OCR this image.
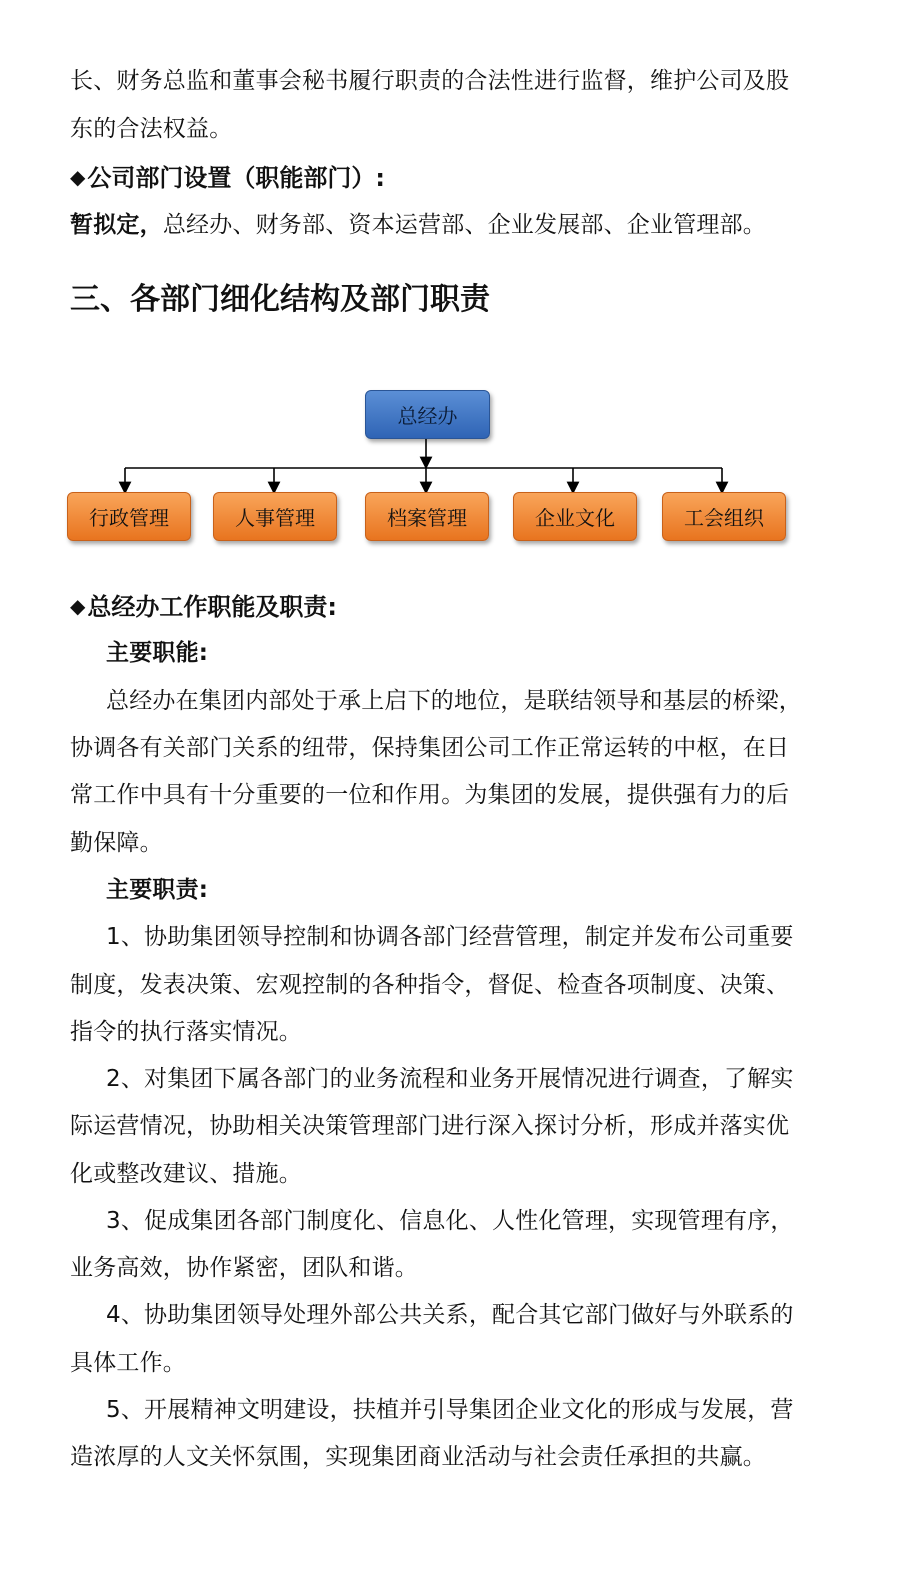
长、财务总监和董事会秘书履行职责的合法性进行监督，维护公司及股
东的合法权益。
◆公司部门设置（职能部门）:
暂拟定，总经办、财务部、资本运营部、企业发展部、企业管理部。
三、各部门细化结构及部门职责
总经办
行政管理	人事管理	档案管理	企业文化	工会组织
◆总经办工作职能及职责:
主要职能:
总经办在集团内部处于承上启下的地位，是联结领导和基层的桥梁，
协调各有关部门关系的纽带，保持集团公司工作正常运转的中枢，在日
常工作中具有十分重要的一位和作用。为集团的发展，提供强有力的后
勤保障。
主要职责:
1、协助集团领导控制和协调各部门经营管理，制定并发布公司重要
制度，发表决策、宏观控制的各种指令，督促、检查各项制度、决策、
指令的执行落实情况。
2、对集团下属各部门的业务流程和业务开展情况进行调查，了解实
际运营情况，协助相关决策管理部门进行深入探讨分析，形成并落实优
化或整改建议、措施。
3、促成集团各部门制度化、信息化、人性化管理，实现管理有序，
业务高效，协作紧密，团队和谐。
4、协助集团领导处理外部公共关系，配合其它部门做好与外联系的
具体工作。
5、开展精神文明建设，扶植并引导集团企业文化的形成与发展，营
造浓厚的人文关怀氛围，实现集团商业活动与社会责任承担的共赢。
